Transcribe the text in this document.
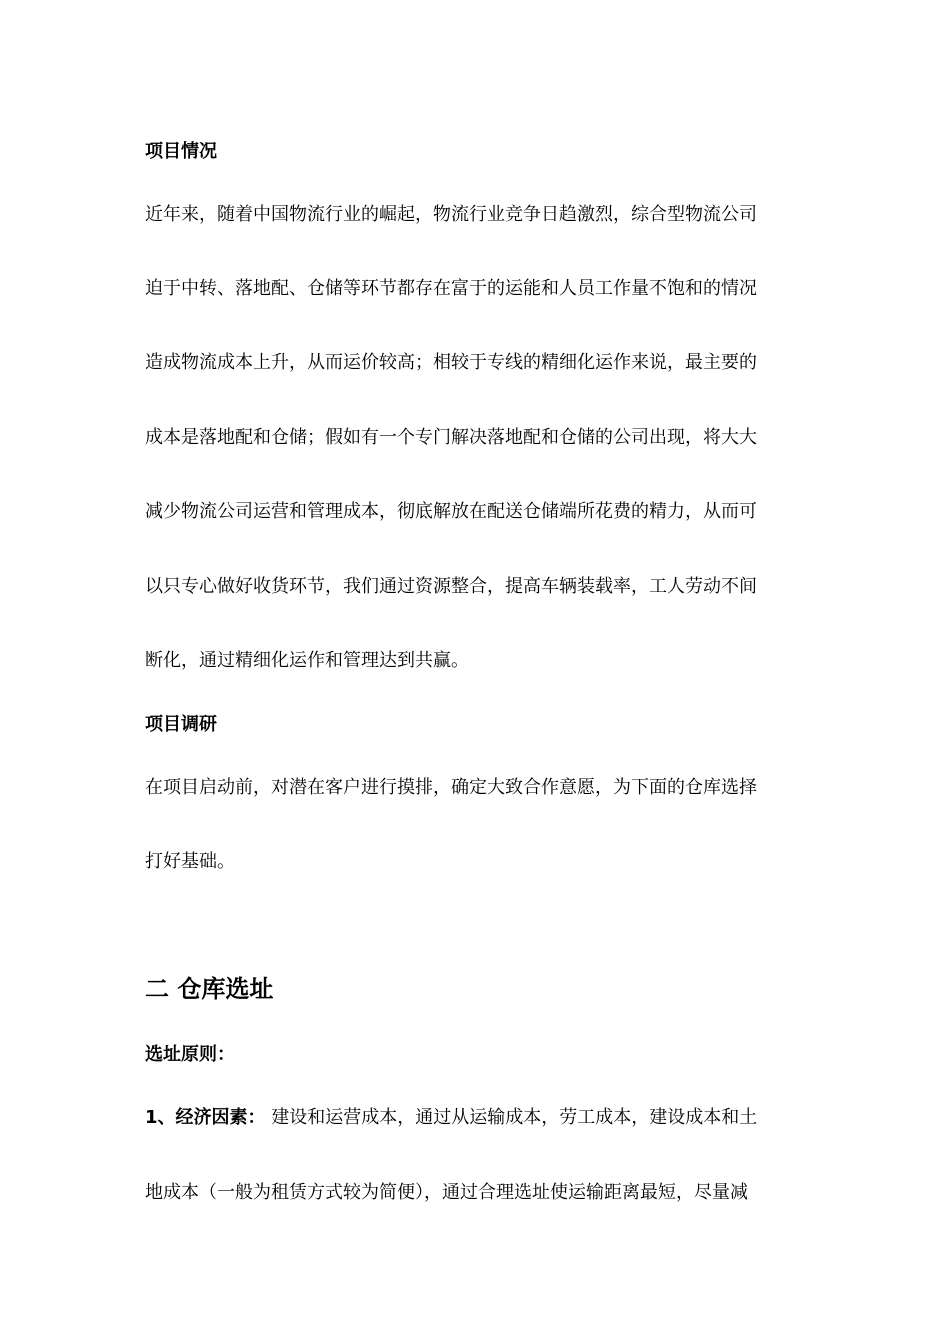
项目情况
近年来，随着中国物流行业的崛起，物流行业竞争日趋激烈，综合型物流公司
迫于中转、落地配、仓储等环节都存在富于的运能和人员工作量不饱和的情况
造成物流成本上升，从而运价较高；相较于专线的精细化运作来说，最主要的
成本是落地配和仓储；假如有一个专门解决落地配和仓储的公司出现，将大大
减少物流公司运营和管理成本，彻底解放在配送仓储端所花费的精力，从而可
以只专心做好收货环节，我们通过资源整合，提高车辆装载率，工人劳动不间
断化，通过精细化运作和管理达到共赢。
项目调研
在项目启动前，对潜在客户进行摸排，确定大致合作意愿，为下面的仓库选择
打好基础。
二 仓库选址
选址原则：
1、经济因素： 建设和运营成本，通过从运输成本，劳工成本，建设成本和土
地成本（一般为租赁方式较为简便），通过合理选址使运输距离最短，尽量减
